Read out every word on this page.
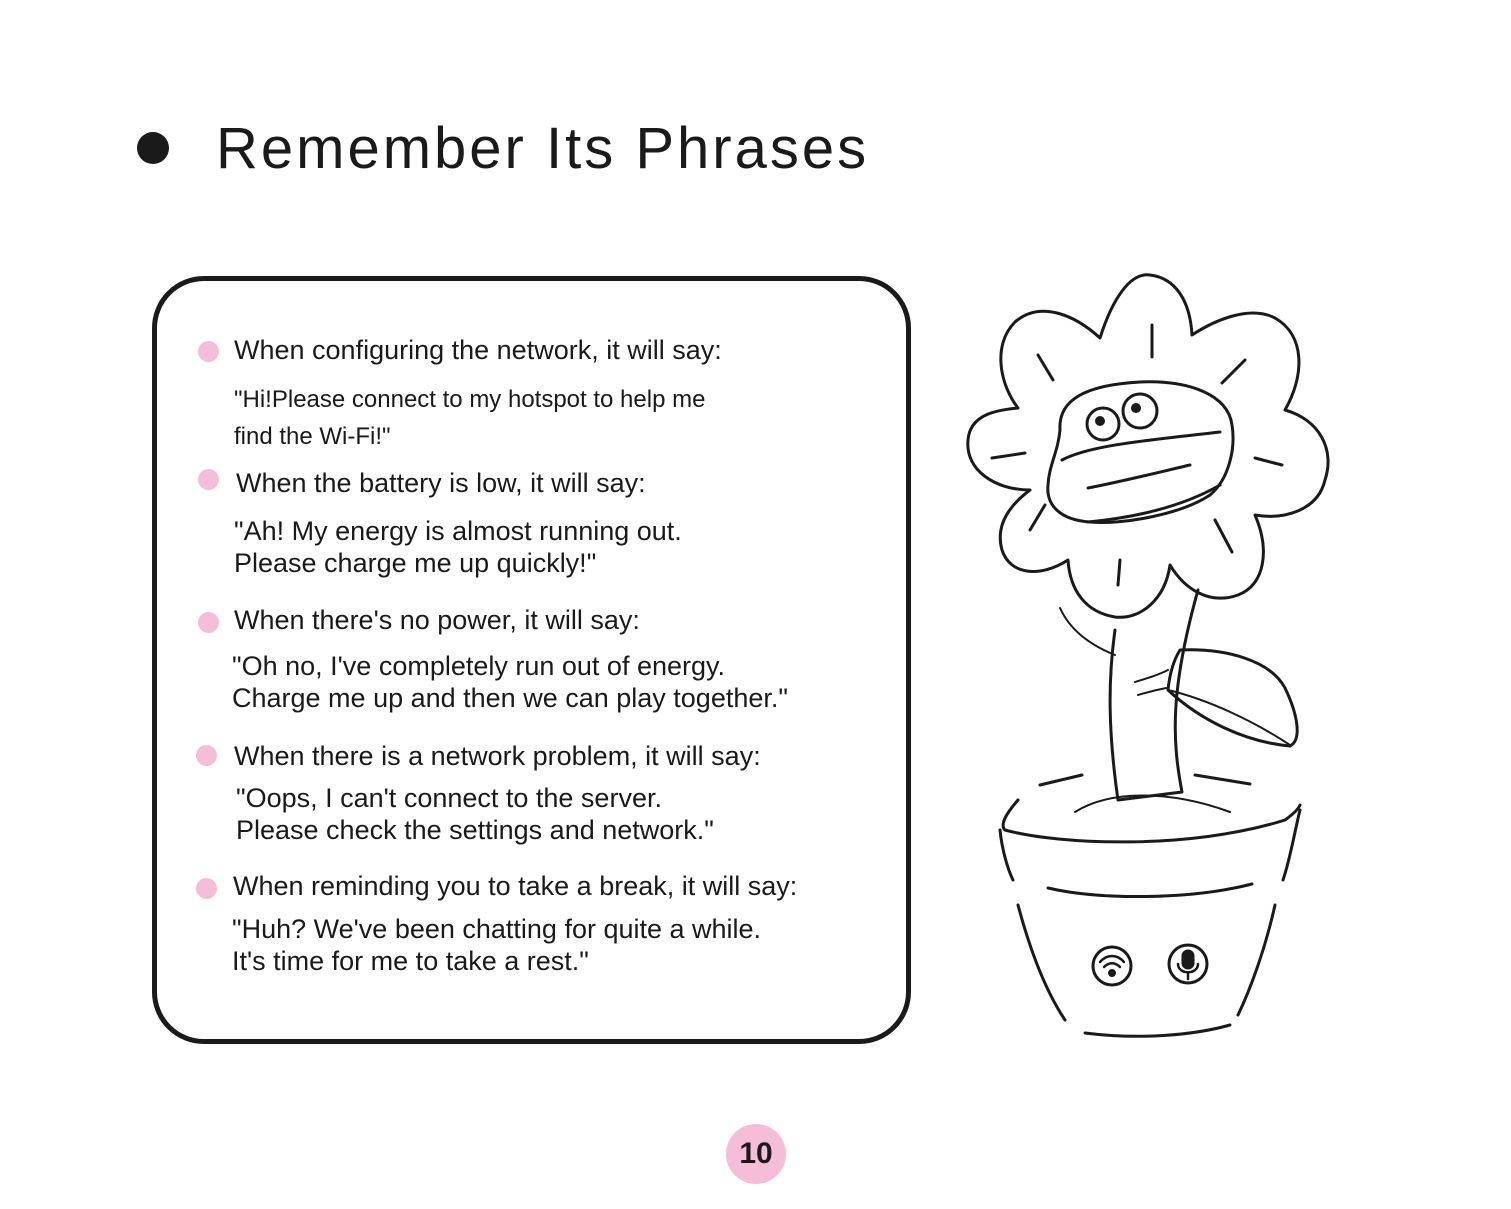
Remember Its Phrases
When configuring the network, it will say:
"Hi!Please connect to my hotspot to help me
find the Wi-Fi!"
When the battery is low, it will say:
"Ah! My energy is almost running out.
Please charge me up quickly!"
When there's no power, it will say:
"Oh no, I've completely run out of energy.
Charge me up and then we can play together."
When there is a network problem, it will say:
"Oops, I can't connect to the server.
Please check the settings and network."
When reminding you to take a break, it will say:
"Huh? We've been chatting for quite a while.
It's time for me to take a rest."
10
